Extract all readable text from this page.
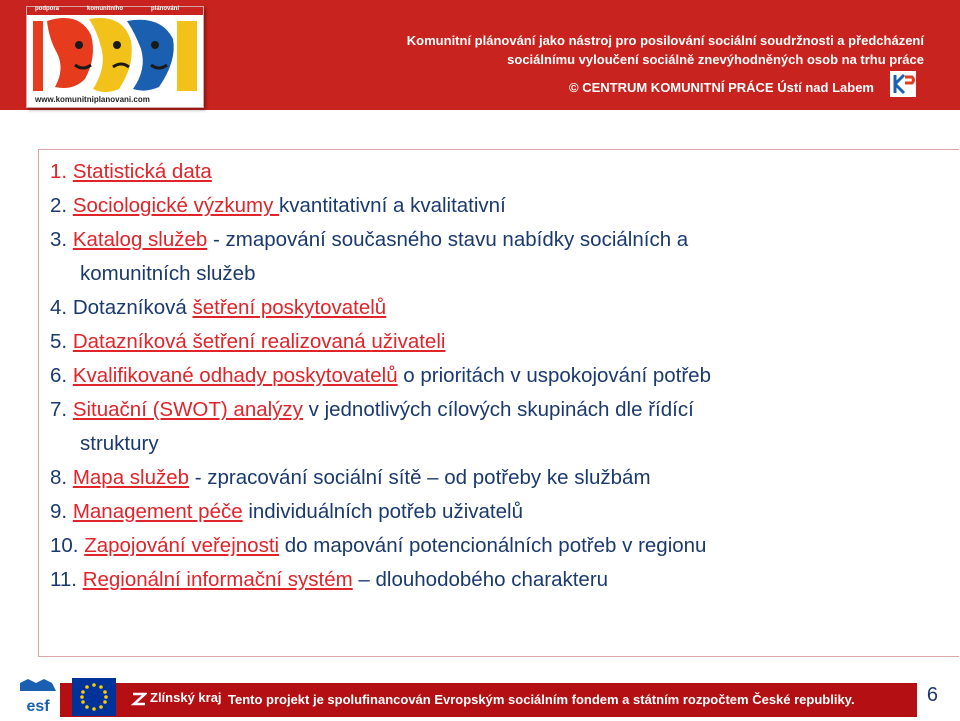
podpora	komunitního	plánování
www.komunitniplanovani.com
Komunitní plánování jako nástroj pro posilování sociální soudržnosti a předcházení
sociálnímu vyloučení sociálně znevýhodněných osob na trhu práce
© CENTRUM KOMUNITNÍ PRÁCE Ústí nad Labem
1. Statistická data
2. Sociologické výzkumy kvantitativní a kvalitativní
3. Katalog služeb - zmapování současného stavu nabídky sociálních a
komunitních služeb
4. Dotazníková šetření poskytovatelů
5. Datazníková šetření realizovaná uživateli
6. Kvalifikované odhady poskytovatelů o prioritách v uspokojování potřeb
7. Situační (SWOT) analýzy v jednotlivých cílových skupinách dle řídící
struktury
8. Mapa služeb - zpracování sociální sítě – od potřeby ke službám
9. Management péče individuálních potřeb uživatelů
10. Zapojování veřejnosti do mapování potencionálních potřeb v regionu
11. Regionální informační systém – dlouhodobého charakteru
esf
Zlínský kraj Tento projekt je spolufinancován Evropským sociálním fondem a státním rozpočtem České republiky.	6
